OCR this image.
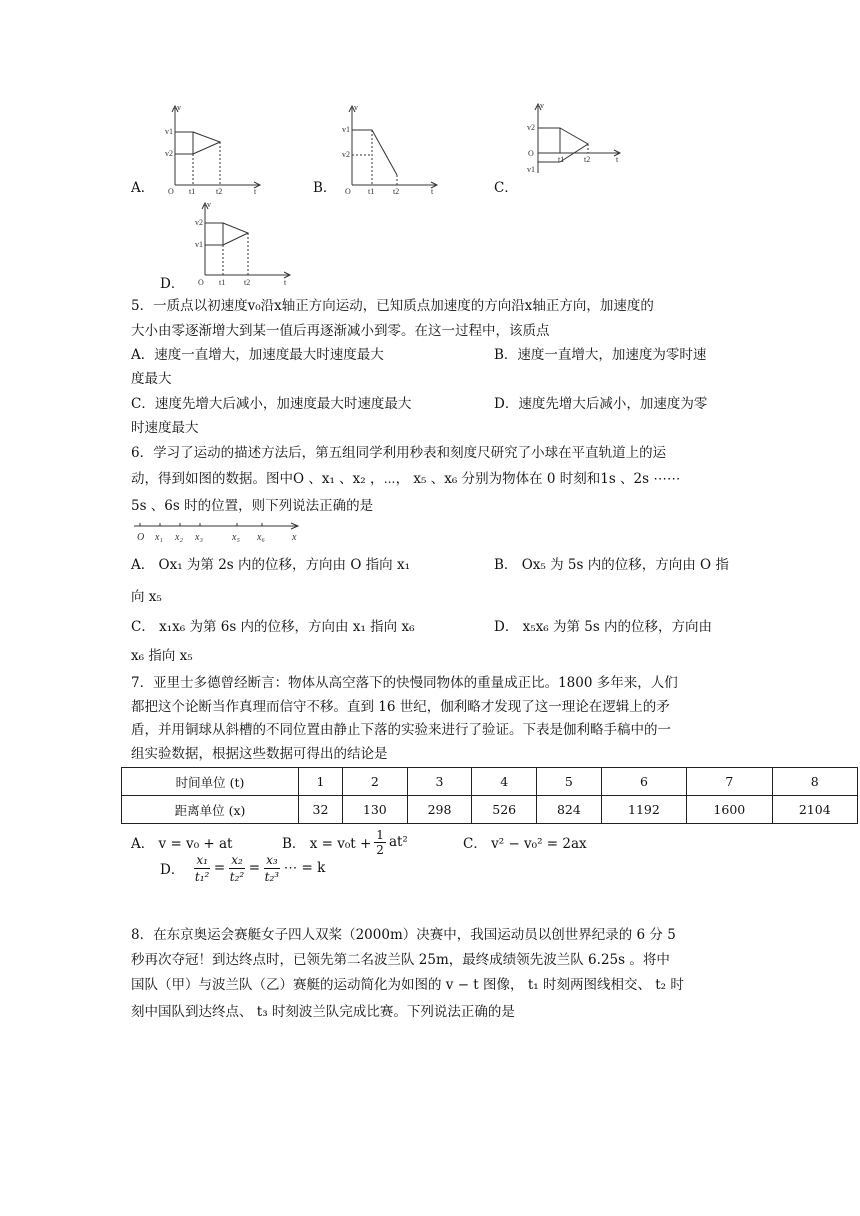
A．
v
v1
v2
O t1	t2	t	B．
v
v1
v2
O t1 t2	t	C．
v
v2
O
v1
t1 t2	t
D．
v
v2
v1
O t1 t2	t
5．一质点以初速度v₀沿x轴正方向运动，已知质点加速度的方向沿x轴正方向，加速度的
大小由零逐渐增大到某一值后再逐渐减小到零。在这一过程中，该质点
A．速度一直增大，加速度最大时速度最大	B．速度一直增大，加速度为零时速
度最大
C．速度先增大后减小，加速度最大时速度最大	D．速度先增大后减小，加速度为零
时速度最大
6．学习了运动的描述方法后，第五组同学利用秒表和刻度尺研究了小球在平直轨道上的运
动，得到如图的数据。图中O 、x₁ 、x₂ ，⋯， x₅ 、x₆ 分别为物体在 0 时刻和1s 、2s ⋯⋯
5s 、6s 时的位置，则下列说法正确的是
O x₁ x₂ x₃	x₅ x₆	x
A． Ox₁ 为第 2s 内的位移，方向由 O 指向 x₁	B． Ox₅ 为 5s 内的位移，方向由 O 指
向 x₅
C． x₁x₆ 为第 6s 内的位移，方向由 x₁ 指向 x₆	D． x₅x₆ 为第 5s 内的位移，方向由
x₆ 指向 x₅
7．亚里士多德曾经断言：物体从高空落下的快慢同物体的重量成正比。1800 多年来，人们
都把这个论断当作真理而信守不移。直到 16 世纪，伽利略才发现了这一理论在逻辑上的矛
盾，并用铜球从斜槽的不同位置由静止下落的实验来进行了验证。下表是伽利略手稿中的一
组实验数据，根据这些数据可得出的结论是
时间单位 (t)	1	2	3	4	5	6	7	8
距离单位 (x)	32	130	298	526	824	1192	1600	2104
A． v = v₀ + at	B． $x = v_0t + \frac{1}{2} at^2$	C． v² − v₀² = 2ax
D． $\frac{\text{x₁}}{\text{t₁²}} = \frac{\text{x₂}}{\text{t₂²}} = \frac{\text{x₃}}{\text{t₂³}}$ ⋯ = k
8．在东京奥运会赛艇女子四人双桨（2000m）决赛中，我国运动员以创世界纪录的 6 分 5
秒再次夺冠！到达终点时，已领先第二名波兰队 25m，最终成绩领先波兰队 6.25s 。将中
国队（甲）与波兰队（乙）赛艇的运动简化为如图的 v − t 图像， t₁ 时刻两图线相交、 t₂ 时
刻中国队到达终点、 t₃ 时刻波兰队完成比赛。下列说法正确的是
